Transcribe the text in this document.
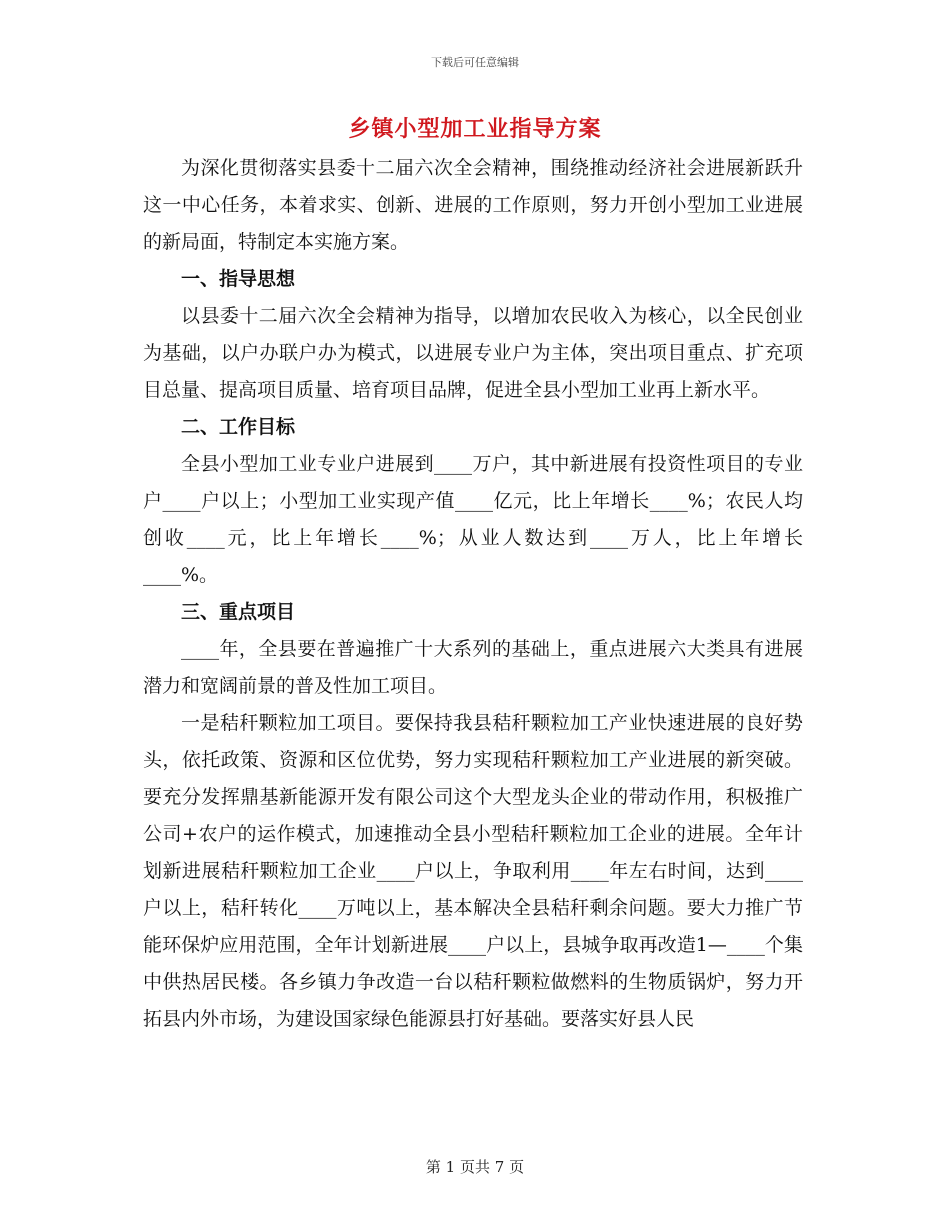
下载后可任意编辑
乡镇小型加工业指导方案

为深化贯彻落实县委十二届六次全会精神，围绕推动经济社会进展新跃升这一中心任务，本着求实、创新、进展的工作原则，努力开创小型加工业进展的新局面，特制定本实施方案。

一、指导思想

以县委十二届六次全会精神为指导，以增加农民收入为核心，以全民创业为基础，以户办联户办为模式，以进展专业户为主体，突出项目重点、扩充项目总量、提高项目质量、培育项目品牌，促进全县小型加工业再上新水平。

二、工作目标

全县小型加工业专业户进展到____万户，其中新进展有投资性项目的专业户____户以上；小型加工业实现产值____亿元，比上年增长____%；农民人均创收____元，比上年增长____%；从业人数达到____万人，比上年增长____%。

三、重点项目

____年，全县要在普遍推广十大系列的基础上，重点进展六大类具有进展潜力和宽阔前景的普及性加工项目。

一是秸秆颗粒加工项目。要保持我县秸秆颗粒加工产业快速进展的良好势头，依托政策、资源和区位优势，努力实现秸秆颗粒加工产业进展的新突破。要充分发挥鼎基新能源开发有限公司这个大型龙头企业的带动作用，积极推广公司+农户的运作模式，加速推动全县小型秸秆颗粒加工企业的进展。全年计划新进展秸秆颗粒加工企业____户以上，争取利用____年左右时间，达到____户以上，秸秆转化____万吨以上，基本解决全县秸秆剩余问题。要大力推广节能环保炉应用范围，全年计划新进展____户以上，县城争取再改造1—____个集中供热居民楼。各乡镇力争改造一台以秸秆颗粒做燃料的生物质锅炉，努力开拓县内外市场，为建设国家绿色能源县打好基础。要落实好县人民

第 1 页共 7 页
